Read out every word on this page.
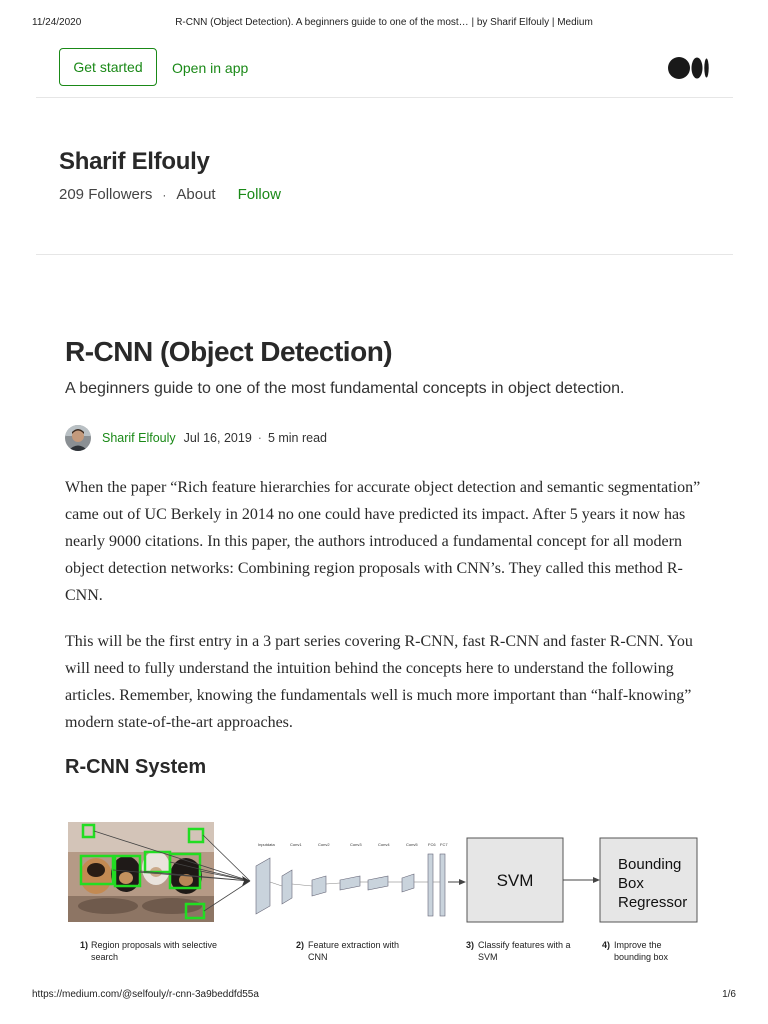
11/24/2020	R-CNN (Object Detection). A beginners guide to one of the most… | by Sharif Elfouly | Medium
Get started	Open in app
Sharif Elfouly
209 Followers · About Follow
R-CNN (Object Detection)
A beginners guide to one of the most fundamental concepts in object detection.
Sharif Elfouly Jul 16, 2019 · 5 min read

When the paper “Rich feature hierarchies for accurate object detection and semantic segmentation” came out of UC Berkely in 2014 no one could have predicted its impact. After 5 years it now has nearly 9000 citations. In this paper, the authors introduced a fundamental concept for all modern object detection networks: Combining region proposals with CNN’s. They called this method R-CNN.

This will be the first entry in a 3 part series covering R-CNN, fast R-CNN and faster R-CNN. You will need to fully understand the intuition behind the concepts here to understand the following articles. Remember, knowing the fundamentals well is much more important than “half-knowing” modern state-of-the-art approaches.

R-CNN System
Inputdata	Conv1	Conv2	Conv3	Conv4	Conv5	FC6 FC7
SVM
Bounding
Box
Regressor
1) Region proposals with selective
search
2) Feature extraction with
CNN
3) Classify features with a
SVM
4) Improve the
bounding box
https://medium.com/@selfouly/r-cnn-3a9beddfd55a	1/6
